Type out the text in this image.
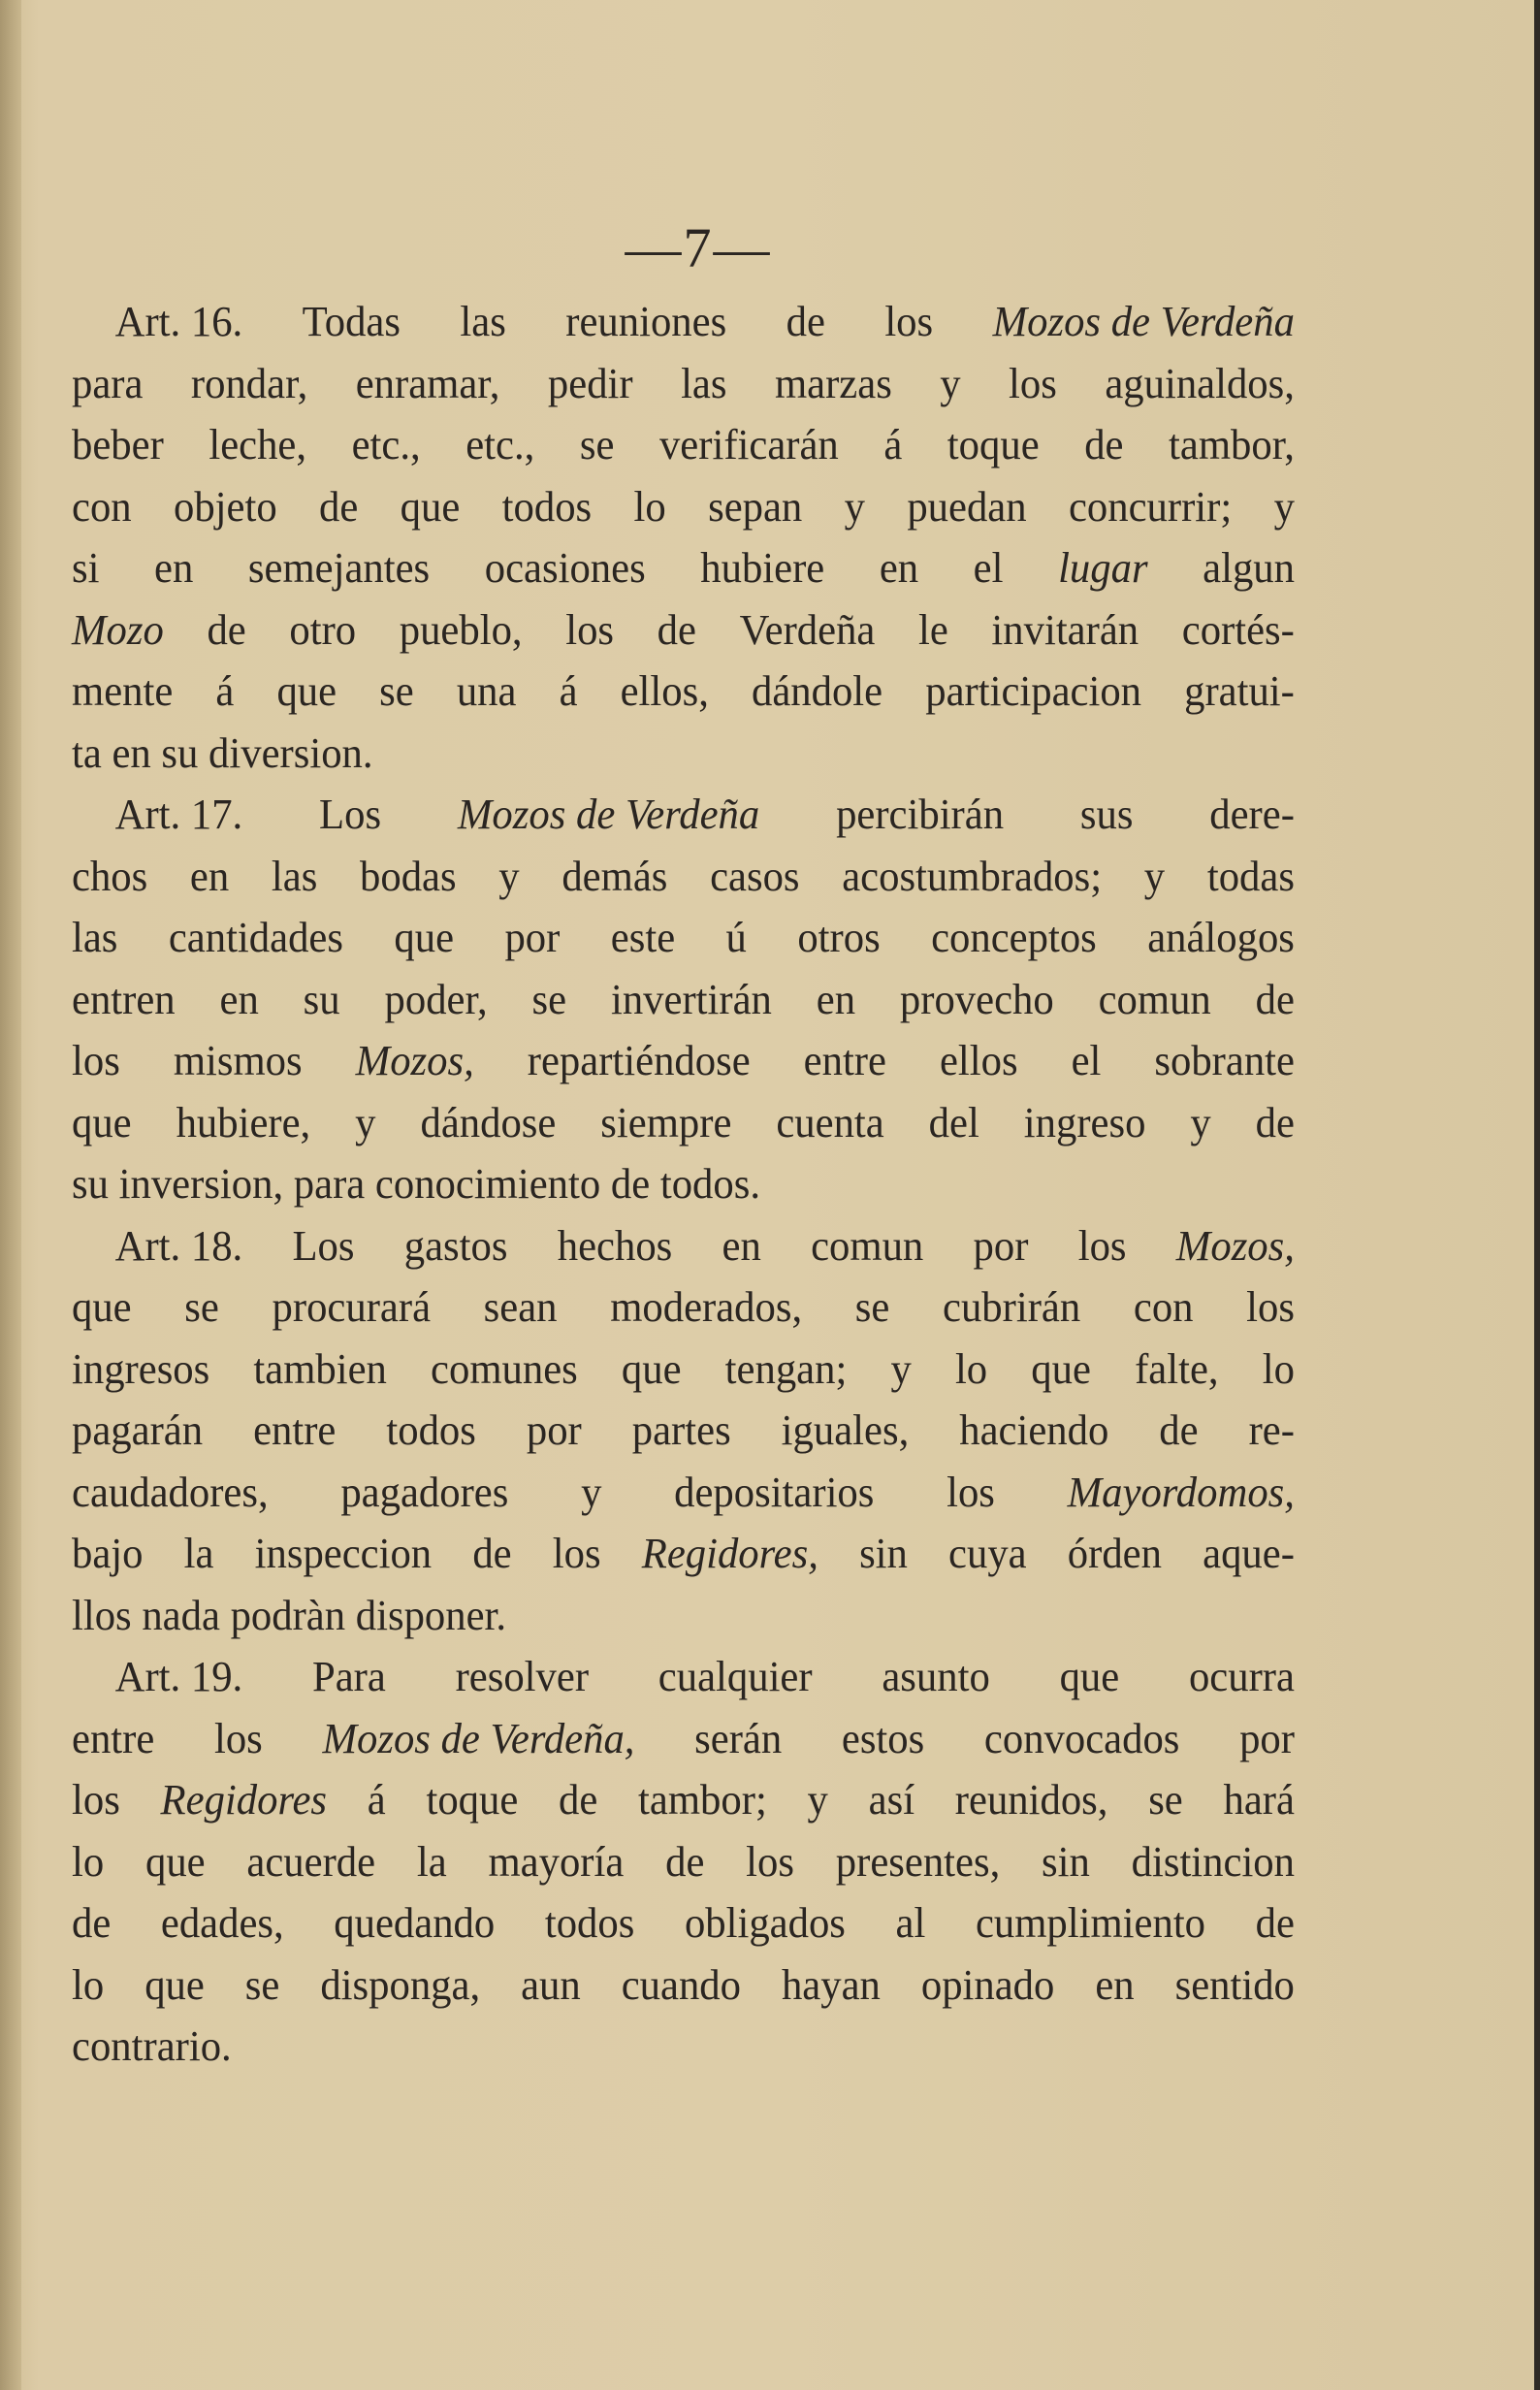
—7—
Art. 16. Todas las reuniones de los Mozos de Verdeña
para rondar, enramar, pedir las marzas y los aguinaldos,
beber leche, etc., etc., se verificarán á toque de tambor,
con objeto de que todos lo sepan y puedan concurrir; y
si en semejantes ocasiones hubiere en el lugar algun
Mozo de otro pueblo, los de Verdeña le invitarán cortés-
mente á que se una á ellos, dándole participacion gratui-
ta en su diversion.
Art. 17. Los Mozos de Verdeña percibirán sus dere-
chos en las bodas y demás casos acostumbrados; y todas
las cantidades que por este ú otros conceptos análogos
entren en su poder, se invertirán en provecho comun de
los mismos Mozos, repartiéndose entre ellos el sobrante
que hubiere, y dándose siempre cuenta del ingreso y de
su inversion, para conocimiento de todos.
Art. 18. Los gastos hechos en comun por los Mozos,
que se procurará sean moderados, se cubrirán con los
ingresos tambien comunes que tengan; y lo que falte, lo
pagarán entre todos por partes iguales, haciendo de re-
caudadores, pagadores y depositarios los Mayordomos,
bajo la inspeccion de los Regidores, sin cuya órden aque-
llos nada podràn disponer.
Art. 19. Para resolver cualquier asunto que ocurra
entre los Mozos de Verdeña, serán estos convocados por
los Regidores á toque de tambor; y así reunidos, se hará
lo que acuerde la mayoría de los presentes, sin distincion
de edades, quedando todos obligados al cumplimiento de
lo que se disponga, aun cuando hayan opinado en sentido
contrario.
